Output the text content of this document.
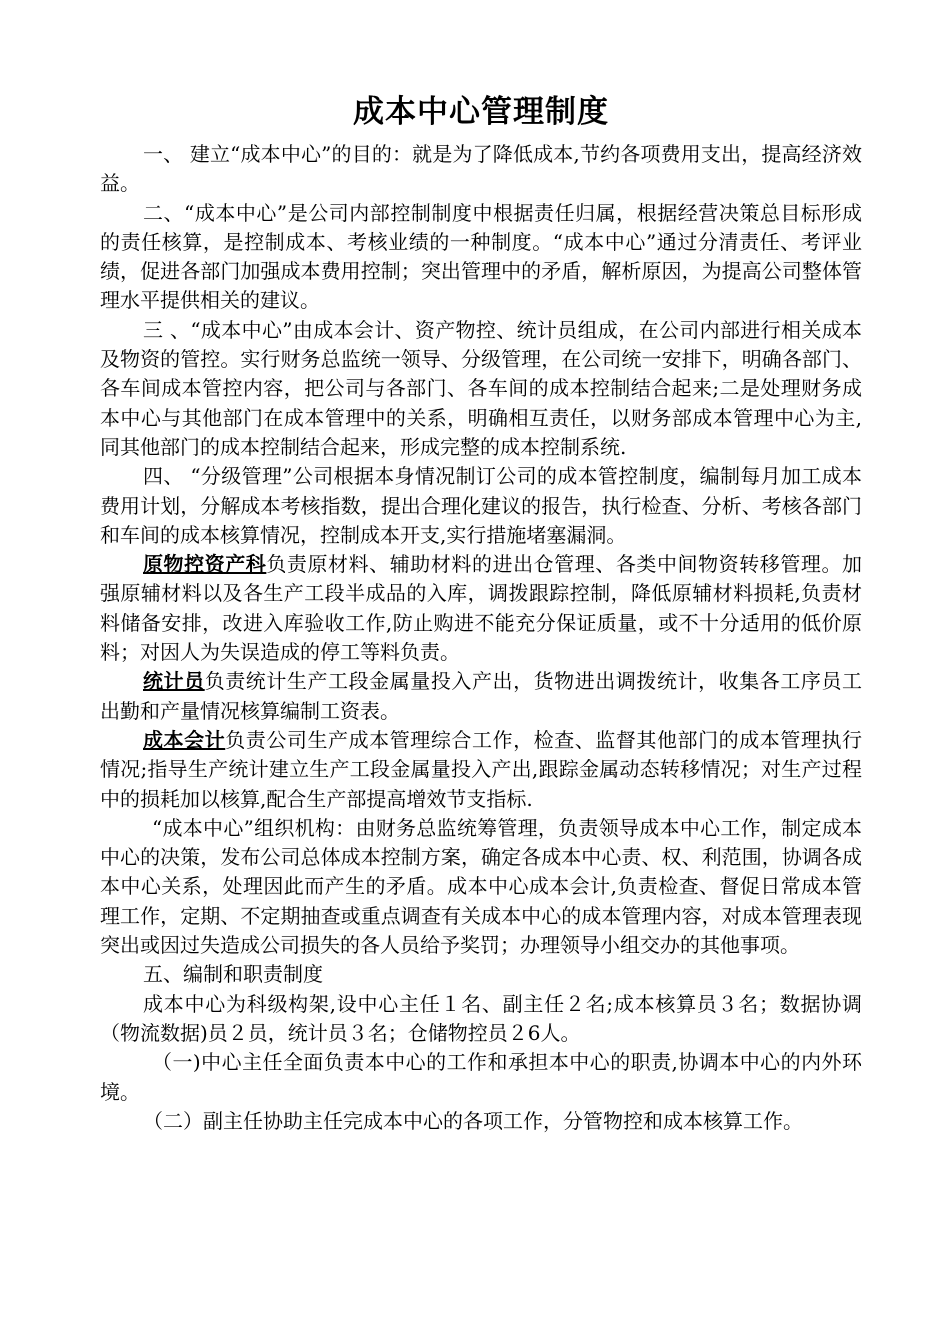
成本中心管理制度

一、 建立“成本中心”的目的：就是为了降低成本,节约各项费用支出，提高经济效益。

二、“成本中心”是公司内部控制制度中根据责任归属，根据经营决策总目标形成的责任核算，是控制成本、考核业绩的一种制度。“成本中心”通过分清责任、考评业绩，促进各部门加强成本费用控制；突出管理中的矛盾，解析原因，为提高公司整体管理水平提供相关的建议。

三 、“成本中心”由成本会计、资产物控、统计员组成，在公司内部进行相关成本及物资的管控。实行财务总监统一领导、分级管理，在公司统一安排下，明确各部门、各车间成本管控内容，把公司与各部门、各车间的成本控制结合起来;二是处理财务成本中心与其他部门在成本管理中的关系，明确相互责任，以财务部成本管理中心为主,同其他部门的成本控制结合起来，形成完整的成本控制系统.

四、 “分级管理”公司根据本身情况制订公司的成本管控制度，编制每月加工成本费用计划，分解成本考核指数，提出合理化建议的报告，执行检查、分析、考核各部门和车间的成本核算情况，控制成本开支,实行措施堵塞漏洞。

原物控资产科负责原材料、辅助材料的进出仓管理、各类中间物资转移管理。加强原辅材料以及各生产工段半成品的入库，调拨跟踪控制，降低原辅材料损耗,负责材料储备安排，改进入库验收工作,防止购进不能充分保证质量，或不十分适用的低价原料；对因人为失误造成的停工等料负责。

统计员负责统计生产工段金属量投入产出，货物进出调拨统计，收集各工序员工出勤和产量情况核算编制工资表。

成本会计负责公司生产成本管理综合工作，检查、监督其他部门的成本管理执行情况;指导生产统计建立生产工段金属量投入产出,跟踪金属动态转移情况；对生产过程中的损耗加以核算,配合生产部提高增效节支指标.

“成本中心”组织机构：由财务总监统筹管理，负责领导成本中心工作，制定成本中心的决策，发布公司总体成本控制方案，确定各成本中心责、权、利范围，协调各成本中心关系，处理因此而产生的矛盾。成本中心成本会计,负责检查、督促日常成本管理工作，定期、不定期抽查或重点调查有关成本中心的成本管理内容，对成本管理表现突出或因过失造成公司损失的各人员给予奖罚；办理领导小组交办的其他事项。

五、编制和职责制度

成本中心为科级构架,设中心主任１名、副主任２名;成本核算员３名；数据协调（物流数据)员２员，统计员３名；仓储物控员２6人。

（一)中心主任全面负责本中心的工作和承担本中心的职责,协调本中心的内外环境。

（二）副主任协助主任完成本中心的各项工作，分管物控和成本核算工作。
